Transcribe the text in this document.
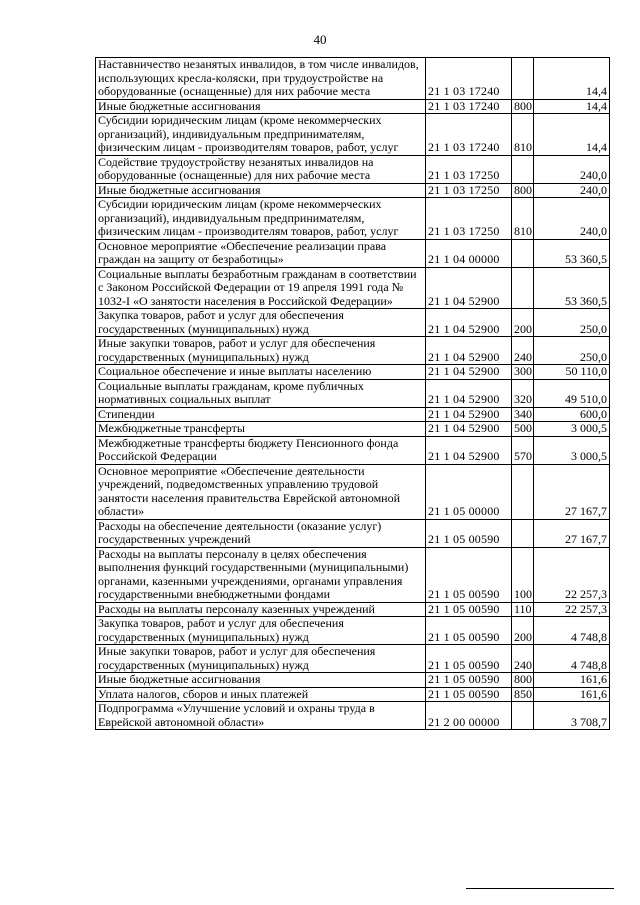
40
Наставничество незанятых инвалидов, в том числе инвалидов, использующих кресла-коляски, при трудоустройстве на оборудованные (оснащенные) для них рабочие места	21 1 03 17240		14,4
Иные бюджетные ассигнования	21 1 03 17240	800	14,4
Субсидии юридическим лицам (кроме некоммерческих организаций), индивидуальным предпринимателям, физическим лицам - производителям товаров, работ, услуг	21 1 03 17240	810	14,4
Содействие трудоустройству незанятых инвалидов на оборудованные (оснащенные) для них рабочие места	21 1 03 17250		240,0
Иные бюджетные ассигнования	21 1 03 17250	800	240,0
Субсидии юридическим лицам (кроме некоммерческих организаций), индивидуальным предпринимателям, физическим лицам - производителям товаров, работ, услуг	21 1 03 17250	810	240,0
Основное мероприятие «Обеспечение реализации права граждан на защиту от безработицы»	21 1 04 00000		53 360,5
Социальные выплаты безработным гражданам в соответствии с Законом Российской Федерации от 19 апреля 1991 года № 1032-I «О занятости населения в Российской Федерации»	21 1 04 52900		53 360,5
Закупка товаров, работ и услуг для обеспечения государственных (муниципальных) нужд	21 1 04 52900	200	250,0
Иные закупки товаров, работ и услуг для обеспечения государственных (муниципальных) нужд	21 1 04 52900	240	250,0
Социальное обеспечение и иные выплаты населению	21 1 04 52900	300	50 110,0
Социальные выплаты гражданам, кроме публичных нормативных социальных выплат	21 1 04 52900	320	49 510,0
Стипендии	21 1 04 52900	340	600,0
Межбюджетные трансферты	21 1 04 52900	500	3 000,5
Межбюджетные трансферты бюджету Пенсионного фонда Российской Федерации	21 1 04 52900	570	3 000,5
Основное мероприятие «Обеспечение деятельности учреждений, подведомственных управлению трудовой занятости населения правительства Еврейской автономной области»	21 1 05 00000		27 167,7
Расходы на обеспечение деятельности (оказание услуг) государственных учреждений	21 1 05 00590		27 167,7
Расходы на выплаты персоналу в целях обеспечения выполнения функций государственными (муниципальными) органами, казенными учреждениями, органами управления государственными внебюджетными фондами	21 1 05 00590	100	22 257,3
Расходы на выплаты персоналу казенных учреждений	21 1 05 00590	110	22 257,3
Закупка товаров, работ и услуг для обеспечения государственных (муниципальных) нужд	21 1 05 00590	200	4 748,8
Иные закупки товаров, работ и услуг для обеспечения государственных (муниципальных) нужд	21 1 05 00590	240	4 748,8
Иные бюджетные ассигнования	21 1 05 00590	800	161,6
Уплата налогов, сборов и иных платежей	21 1 05 00590	850	161,6
Подпрограмма «Улучшение условий и охраны труда в Еврейской автономной области»	21 2 00 00000		3 708,7
